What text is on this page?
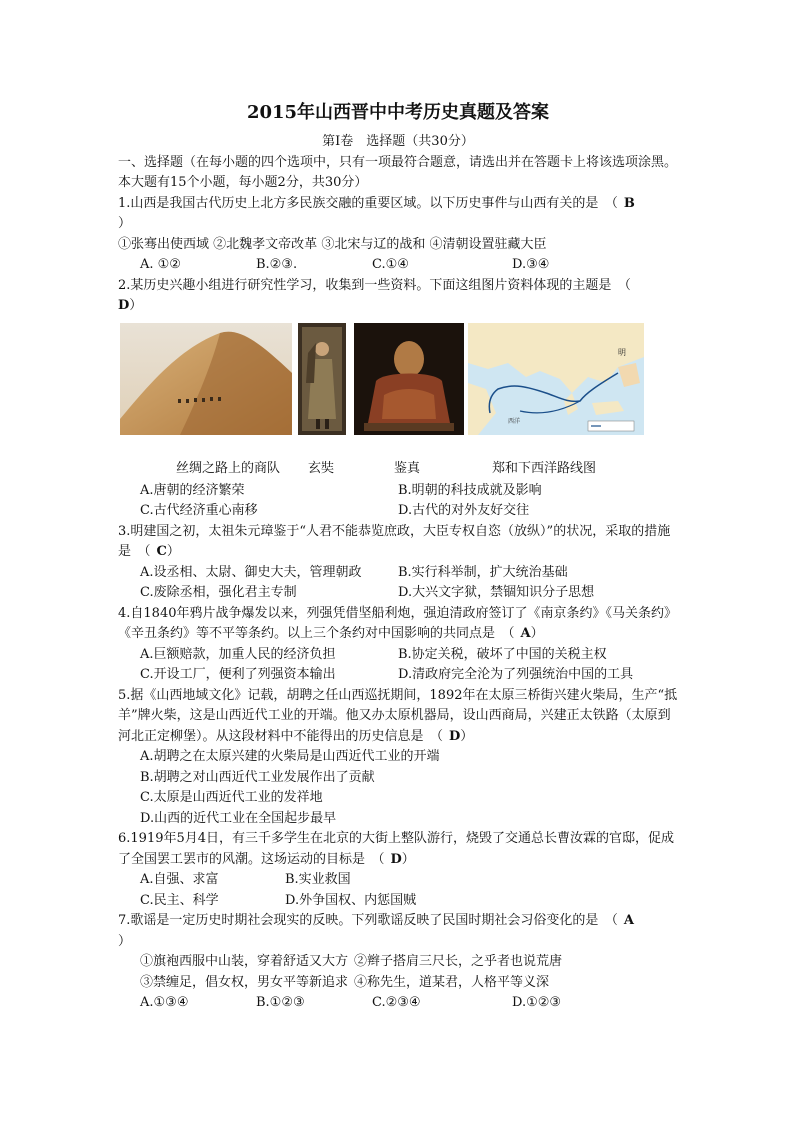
2015年山西晋中中考历史真题及答案

第Ⅰ卷　选择题（共30分）

一、选择题（在每小题的四个选项中，只有一项最符合题意，请选出并在答题卡上将该选项涂黑。本大题有15个小题，每小题2分，共30分）

1.山西是我国古代历史上北方多民族交融的重要区域。以下历史事件与山西有关的是　（ B
）

①张骞出使西域 ②北魏孝文帝改革 ③北宋与辽的战和 ④清朝设置驻藏大臣

A. ①②	B.②③.	C.①④	D.③④

2.某历史兴趣小组进行研究性学习，收集到一些资料。下面这组图片资料体现的主题是　（
D）

明
西洋
丝绸之路上的商队 玄奘	鉴真	郑和下西洋路线图
A.唐朝的经济繁荣	B.明朝的科技成就及影响
C.古代经济重心南移	D.古代的对外友好交往

3.明建国之初，太祖朱元璋鉴于“人君不能恭览庶政，大臣专权自恣（放纵）”的状况，采取的措施是　（ C）

A.设丞相、太尉、御史大夫，管理朝政	B.实行科举制，扩大统治基础
C.废除丞相，强化君主专制	D.大兴文字狱，禁锢知识分子思想

4.自1840年鸦片战争爆发以来，列强凭借坚船利炮，强迫清政府签订了《南京条约》《马关条约》《辛丑条约》等不平等条约。以上三个条约对中国影响的共同点是　（ A）

A.巨额赔款，加重人民的经济负担	B.协定关税，破坏了中国的关税主权
C.开设工厂，便利了列强资本输出	D.清政府完全沦为了列强统治中国的工具

5.据《山西地域文化》记载，胡聘之任山西巡抚期间，1892年在太原三桥街兴建火柴局，生产“抵羊”牌火柴，这是山西近代工业的开端。他又办太原机器局，设山西商局，兴建正太铁路（太原到河北正定柳堡）。从这段材料中不能得出的历史信息是　（ D）

A.胡聘之在太原兴建的火柴局是山西近代工业的开端
B.胡聘之对山西近代工业发展作出了贡献
C.太原是山西近代工业的发祥地
D.山西的近代工业在全国起步最早

6.1919年5月4日，有三千多学生在北京的大街上整队游行，烧毁了交通总长曹汝霖的官邸，促成了全国罢工罢市的风潮。这场运动的目标是　（ D）

A.自强、求富	B.实业救国
C.民主、科学	D.外争国权、内惩国贼

7.歌谣是一定历史时期社会现实的反映。下列歌谣反映了民国时期社会习俗变化的是　（ A
）

①旗袍西服中山装，穿着舒适又大方 ②辫子搭肩三尺长，之乎者也说荒唐

③禁缠足，倡女权，男女平等新追求 ④称先生，道某君，人格平等义深

A.①③④	B.①②③	C.②③④	D.①②③
